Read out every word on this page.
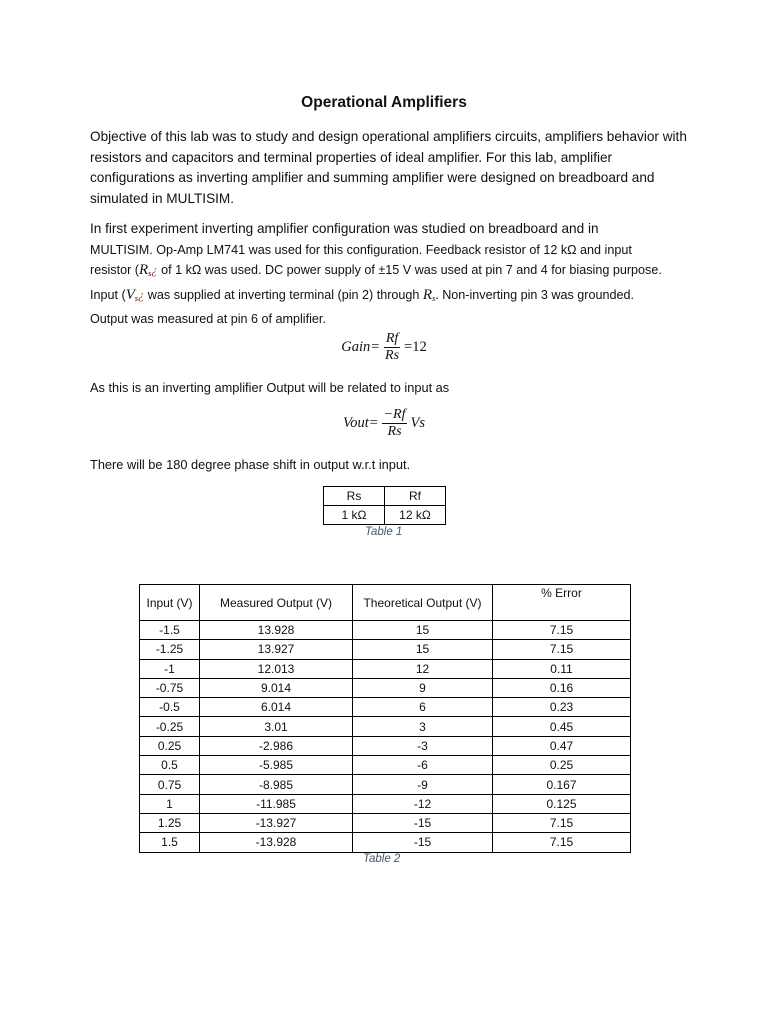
Operational Amplifiers

Objective of this lab was to study and design operational amplifiers circuits, amplifiers behavior with resistors and capacitors and terminal properties of ideal amplifier. For this lab, amplifier configurations as inverting amplifier and summing amplifier were designed on breadboard and simulated in MULTISIM.

In first experiment inverting amplifier configuration was studied on breadboard and in

MULTISIM. Op-Amp LM741 was used for this configuration. Feedback resistor of 12 kΩ and input

resistor ($R_s¿$ of 1 kΩ was used. DC power supply of ±15 V was used at pin 7 and 4 for biasing purpose.

Input ($V_s¿$ was supplied at inverting terminal (pin 2) through $R_s$. Non-inverting pin 3 was grounded.

Output was measured at pin 6 of amplifier.

Gain= $\frac{Rf}{Rs} =12$
As this is an inverting amplifier Output will be related to input as
Vout= $\frac{-Rf}{Rs}$ Vs
There will be 180 degree phase shift in output w.r.t input.
Rs	Rf
1 kΩ	12 kΩ
Table 1
Input (V)	Measured Output (V)	Theoretical Output (V)	% Error
-1.5	13.928	15	7.15
-1.25	13.927	15	7.15
-1	12.013	12	0.11
-0.75	9.014	9	0.16
-0.5	6.014	6	0.23
-0.25	3.01	3	0.45
0.25	-2.986	-3	0.47
0.5	-5.985	-6	0.25
0.75	-8.985	-9	0.167
1	-11.985	-12	0.125
1.25	-13.927	-15	7.15
1.5	-13.928	-15	7.15
Table 2
